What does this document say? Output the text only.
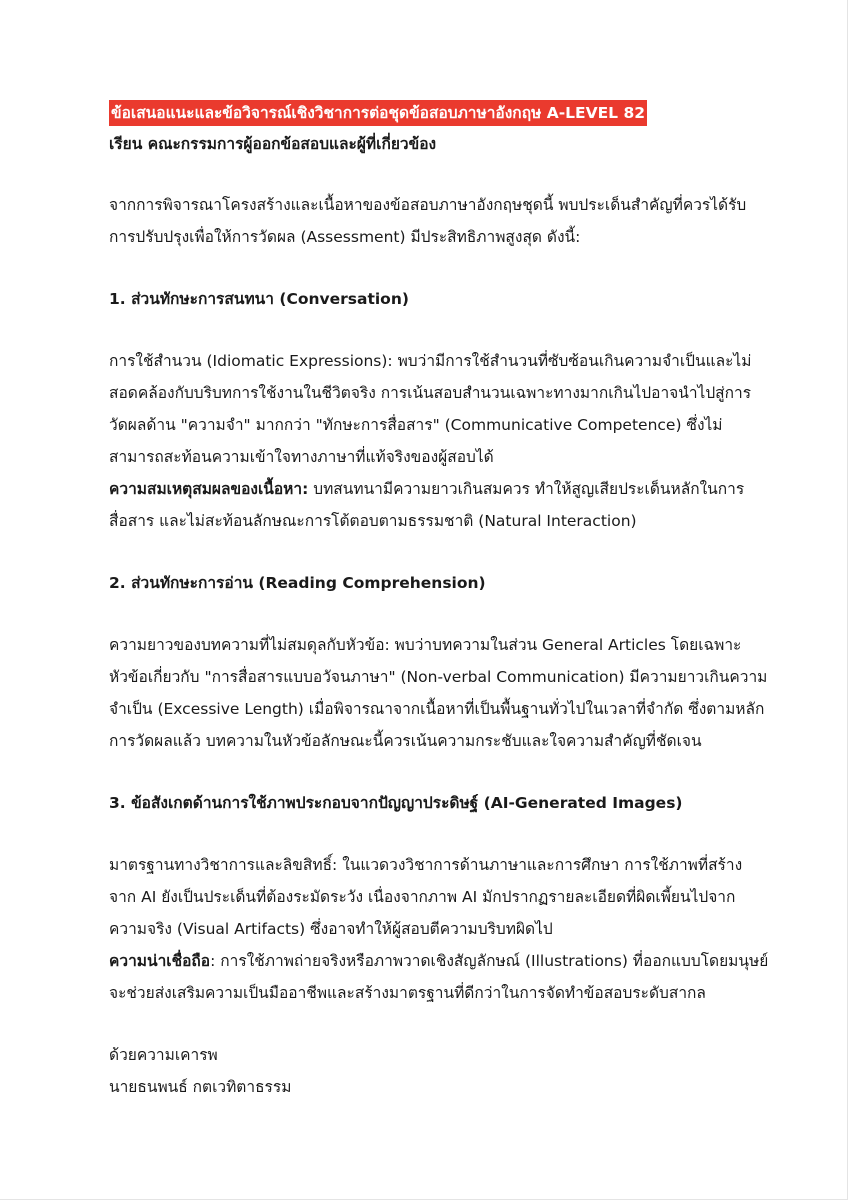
ข้อเสนอแนะและข้อวิจารณ์เชิงวิชาการต่อชุดข้อสอบภาษาอังกฤษ A-LEVEL 82

เรียน คณะกรรมการผู้ออกข้อสอบและผู้ที่เกี่ยวข้อง

จากการพิจารณาโครงสร้างและเนื้อหาของข้อสอบภาษาอังกฤษชุดนี้ พบประเด็นสำคัญที่ควรได้รับการปรับปรุงเพื่อให้การวัดผล (Assessment) มีประสิทธิภาพสูงสุด ดังนี้:

1. ส่วนทักษะการสนทนา (Conversation)

การใช้สำนวน (Idiomatic Expressions): พบว่ามีการใช้สำนวนที่ซับซ้อนเกินความจำเป็นและไม่สอดคล้องกับบริบทการใช้งานในชีวิตจริง การเน้นสอบสำนวนเฉพาะทางมากเกินไปอาจนำไปสู่การวัดผลด้าน "ความจำ" มากกว่า "ทักษะการสื่อสาร" (Communicative Competence) ซึ่งไม่สามารถสะท้อนความเข้าใจทางภาษาที่แท้จริงของผู้สอบได้

ความสมเหตุสมผลของเนื้อหา: บทสนทนามีความยาวเกินสมควร ทำให้สูญเสียประเด็นหลักในการสื่อสาร และไม่สะท้อนลักษณะการโต้ตอบตามธรรมชาติ (Natural Interaction)

2. ส่วนทักษะการอ่าน (Reading Comprehension)

ความยาวของบทความที่ไม่สมดุลกับหัวข้อ: พบว่าบทความในส่วน General Articles โดยเฉพาะหัวข้อเกี่ยวกับ "การสื่อสารแบบอวัจนภาษา" (Non-verbal Communication) มีความยาวเกินความจำเป็น (Excessive Length) เมื่อพิจารณาจากเนื้อหาที่เป็นพื้นฐานทั่วไปในเวลาที่จำกัด ซึ่งตามหลักการวัดผลแล้ว บทความในหัวข้อลักษณะนี้ควรเน้นความกระชับและใจความสำคัญที่ชัดเจน

3. ข้อสังเกตด้านการใช้ภาพประกอบจากปัญญาประดิษฐ์ (AI-Generated Images)

มาตรฐานทางวิชาการและลิขสิทธิ์: ในแวดวงวิชาการด้านภาษาและการศึกษา การใช้ภาพที่สร้างจาก AI ยังเป็นประเด็นที่ต้องระมัดระวัง เนื่องจากภาพ AI มักปรากฏรายละเอียดที่ผิดเพี้ยนไปจากความจริง (Visual Artifacts) ซึ่งอาจทำให้ผู้สอบตีความบริบทผิดไป

ความน่าเชื่อถือ: การใช้ภาพถ่ายจริงหรือภาพวาดเชิงสัญลักษณ์ (Illustrations) ที่ออกแบบโดยมนุษย์ จะช่วยส่งเสริมความเป็นมืออาชีพและสร้างมาตรฐานที่ดีกว่าในการจัดทำข้อสอบระดับสากล

ด้วยความเคารพ

นายธนพนธ์ กตเวทิตาธรรม
